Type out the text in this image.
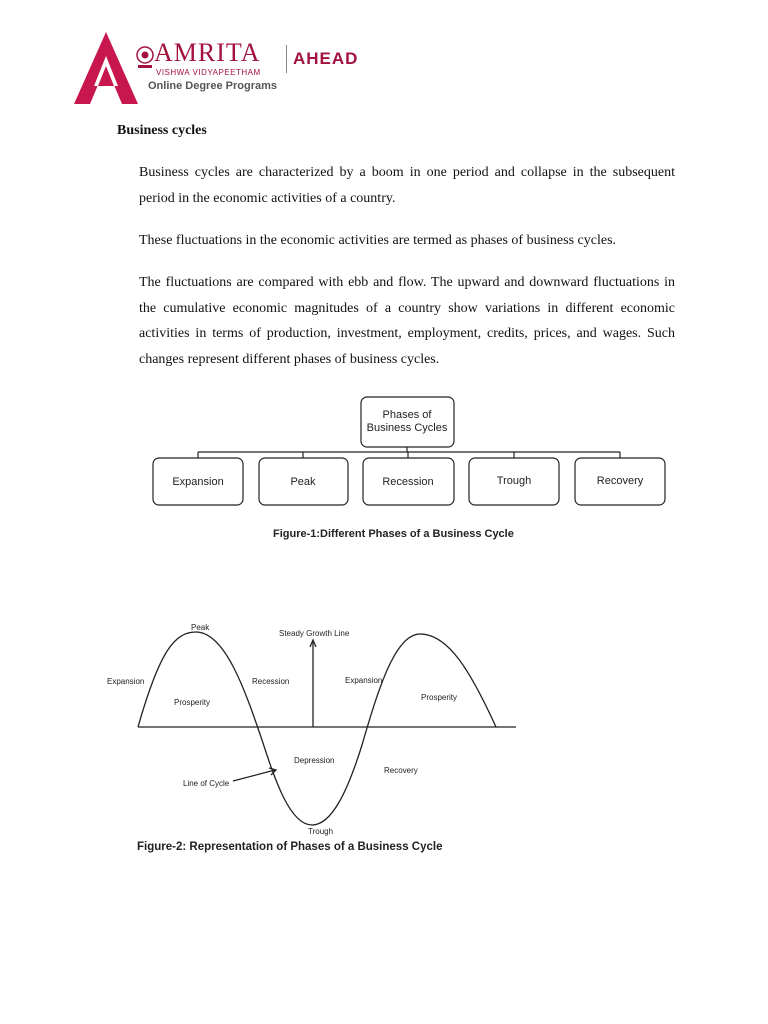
AMRITA
VISHWA VIDYAPEETHAM
AHEAD
Online Degree Programs
Business cycles
Business cycles are characterized by a boom in one period and collapse in the subsequent period in the economic activities of a country.
These fluctuations in the economic activities are termed as phases of business cycles.
The fluctuations are compared with ebb and flow. The upward and downward fluctuations in the cumulative economic magnitudes of a country show variations in different economic activities in terms of production, investment, employment, credits, prices, and wages. Such changes represent different phases of business cycles.
Phases of
Business Cycles
Expansion	Peak	Recession	Trough	Recovery
Figure-1:Different Phases of a Business Cycle
Peak
Steady Growth Line
Expansion	Recession	Expansion
Prosperity
Prosperity
Depression
Recovery
Line of Cycle
Trough
Figure-2: Representation of Phases of a Business Cycle
